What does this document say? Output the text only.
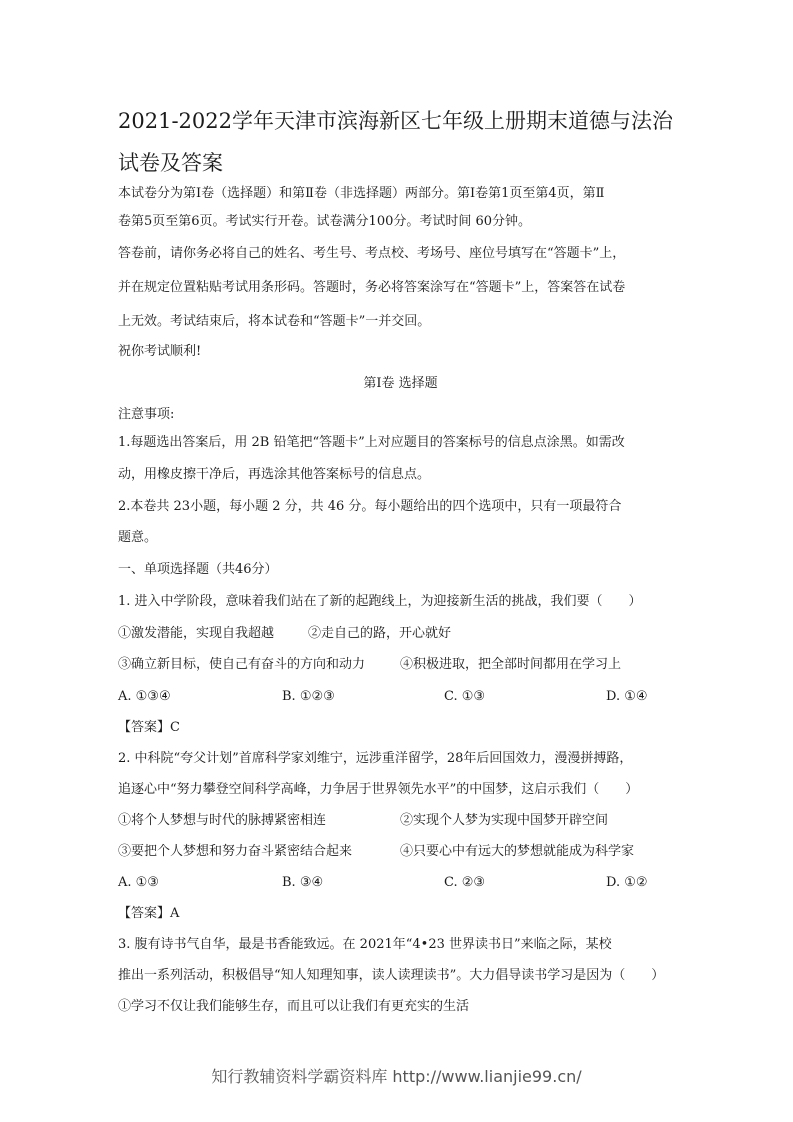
2021-2022学年天津市滨海新区七年级上册期末道德与法治
试卷及答案
本试卷分为第Ⅰ卷（选择题）和第Ⅱ卷（非选择题）两部分。第Ⅰ卷第1页至第4页，第Ⅱ
卷第5页至第6页。考试实行开卷。试卷满分100分。考试时间 60分钟。
答卷前，请你务必将自己的姓名、考生号、考点校、考场号、座位号填写在“答题卡”上，
并在规定位置粘贴考试用条形码。答题时，务必将答案涂写在“答题卡”上，答案答在试卷
上无效。考试结束后，将本试卷和“答题卡”一并交回。
祝你考试顺利!
第Ⅰ卷 选择题
注意事项:
1.每题选出答案后，用 2B 铅笔把“答题卡”上对应题目的答案标号的信息点涂黑。如需改
动，用橡皮擦干净后，再选涂其他答案标号的信息点。
2.本卷共 23小题，每小题 2 分，共 46 分。每小题给出的四个选项中，只有一项最符合
题意。
一、单项选择题（共46分）
1. 进入中学阶段，意味着我们站在了新的起跑线上，为迎接新生活的挑战，我们要（　　）
①激发潜能，实现自我超越	②走自己的路，开心就好
③确立新目标，使自己有奋斗的方向和动力	④积极进取，把全部时间都用在学习上
A. ①③④	B. ①②③	C. ①③	D. ①④
【答案】C
2. 中科院“夸父计划”首席科学家刘维宁，远涉重洋留学，28年后回国效力，漫漫拼搏路，
追逐心中“努力攀登空间科学高峰，力争居于世界领先水平”的中国梦，这启示我们（　　）
①将个人梦想与时代的脉搏紧密相连	②实现个人梦为实现中国梦开辟空间
③要把个人梦想和努力奋斗紧密结合起来	④只要心中有远大的梦想就能成为科学家
A. ①③	B. ③④	C. ②③	D. ①②
【答案】A
3. 腹有诗书气自华，最是书香能致远。在 2021年“4•23 世界读书日”来临之际，某校
推出一系列活动，积极倡导“知人知理知事，读人读理读书”。大力倡导读书学习是因为（　　）
①学习不仅让我们能够生存，而且可以让我们有更充实的生活
知行教辅资料学霸资料库 http://www.lianjie99.cn/
